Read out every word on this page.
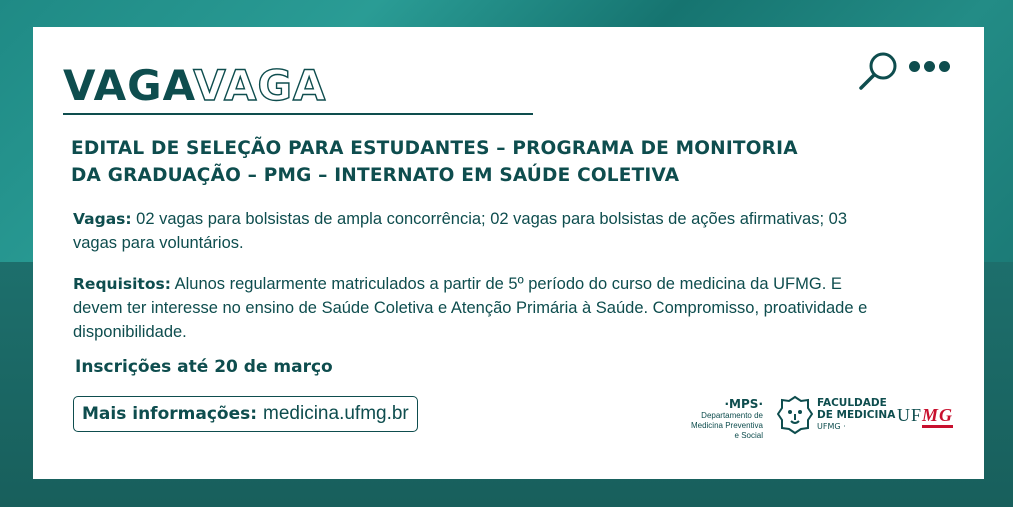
VAGAVAGA
EDITAL DE SELEÇÃO PARA ESTUDANTES – PROGRAMA DE MONITORIA
DA GRADUAÇÃO – PMG – INTERNATO EM SAÚDE COLETIVA
Vagas: 02 vagas para bolsistas de ampla concorrência; 02 vagas para bolsistas de ações afirmativas; 03 vagas para voluntários.
Requisitos: Alunos regularmente matriculados a partir de 5º período do curso de medicina da UFMG. E devem ter interesse no ensino de Saúde Coletiva e Atenção Primária à Saúde. Compromisso, proatividade e disponibilidade.
Inscrições até 20 de março
Mais informações: medicina.ufmg.br	·MPS·
Departamento de
Medicina Preventiva
e Social
FACULDADE
DE MEDICINA
UFMG ·
UFMG
